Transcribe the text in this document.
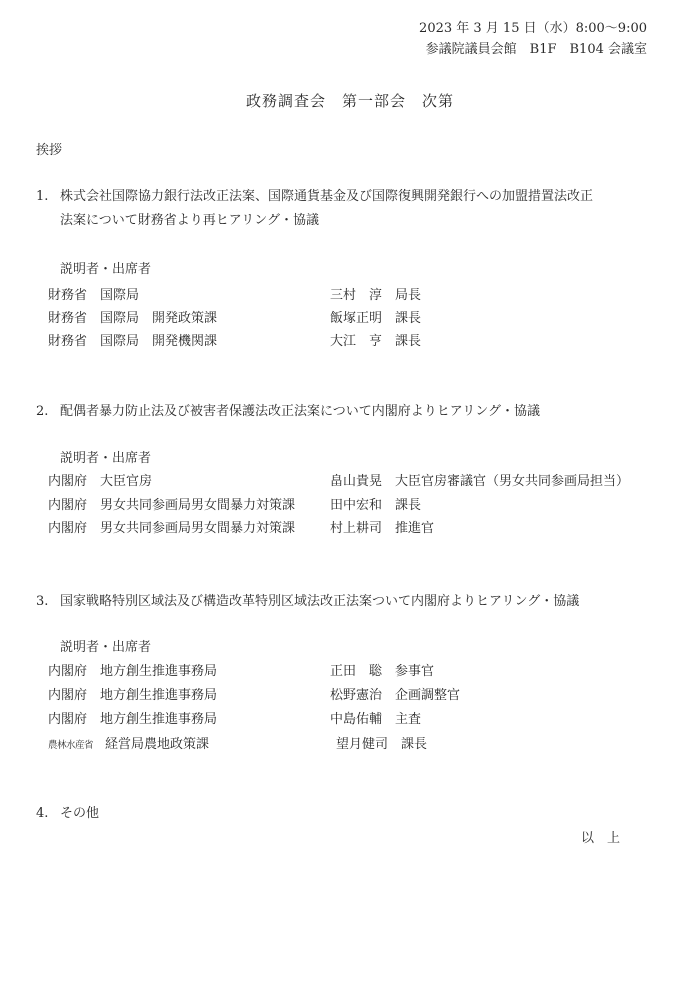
2023 年 3 月 15 日（水）8:00～9:00
参議院議員会館　B1F　B104 会議室
政務調査会　第一部会　次第
挨拶
1. 株式会社国際協力銀行法改正法案、国際通貨基金及び国際復興開発銀行への加盟措置法改正
法案について財務省より再ヒアリング・協議
説明者・出席者
財務省　国際局	三村　淳　局長
財務省　国際局　開発政策課	飯塚正明　課長
財務省　国際局　開発機関課	大江　亨　課長
2. 配偶者暴力防止法及び被害者保護法改正法案について内閣府よりヒアリング・協議
説明者・出席者
内閣府　大臣官房	畠山貴晃　大臣官房審議官（男女共同参画局担当）
内閣府　男女共同参画局男女間暴力対策課	田中宏和　課長
内閣府　男女共同参画局男女間暴力対策課	村上耕司　推進官
3. 国家戦略特別区域法及び構造改革特別区域法改正法案ついて内閣府よりヒアリング・協議
説明者・出席者
内閣府　地方創生推進事務局	正田　聡　参事官
内閣府　地方創生推進事務局	松野憲治　企画調整官
内閣府　地方創生推進事務局	中島佑輔　主査
農林水産省 経営局農地政策課	望月健司　課長
4. その他
以　上
